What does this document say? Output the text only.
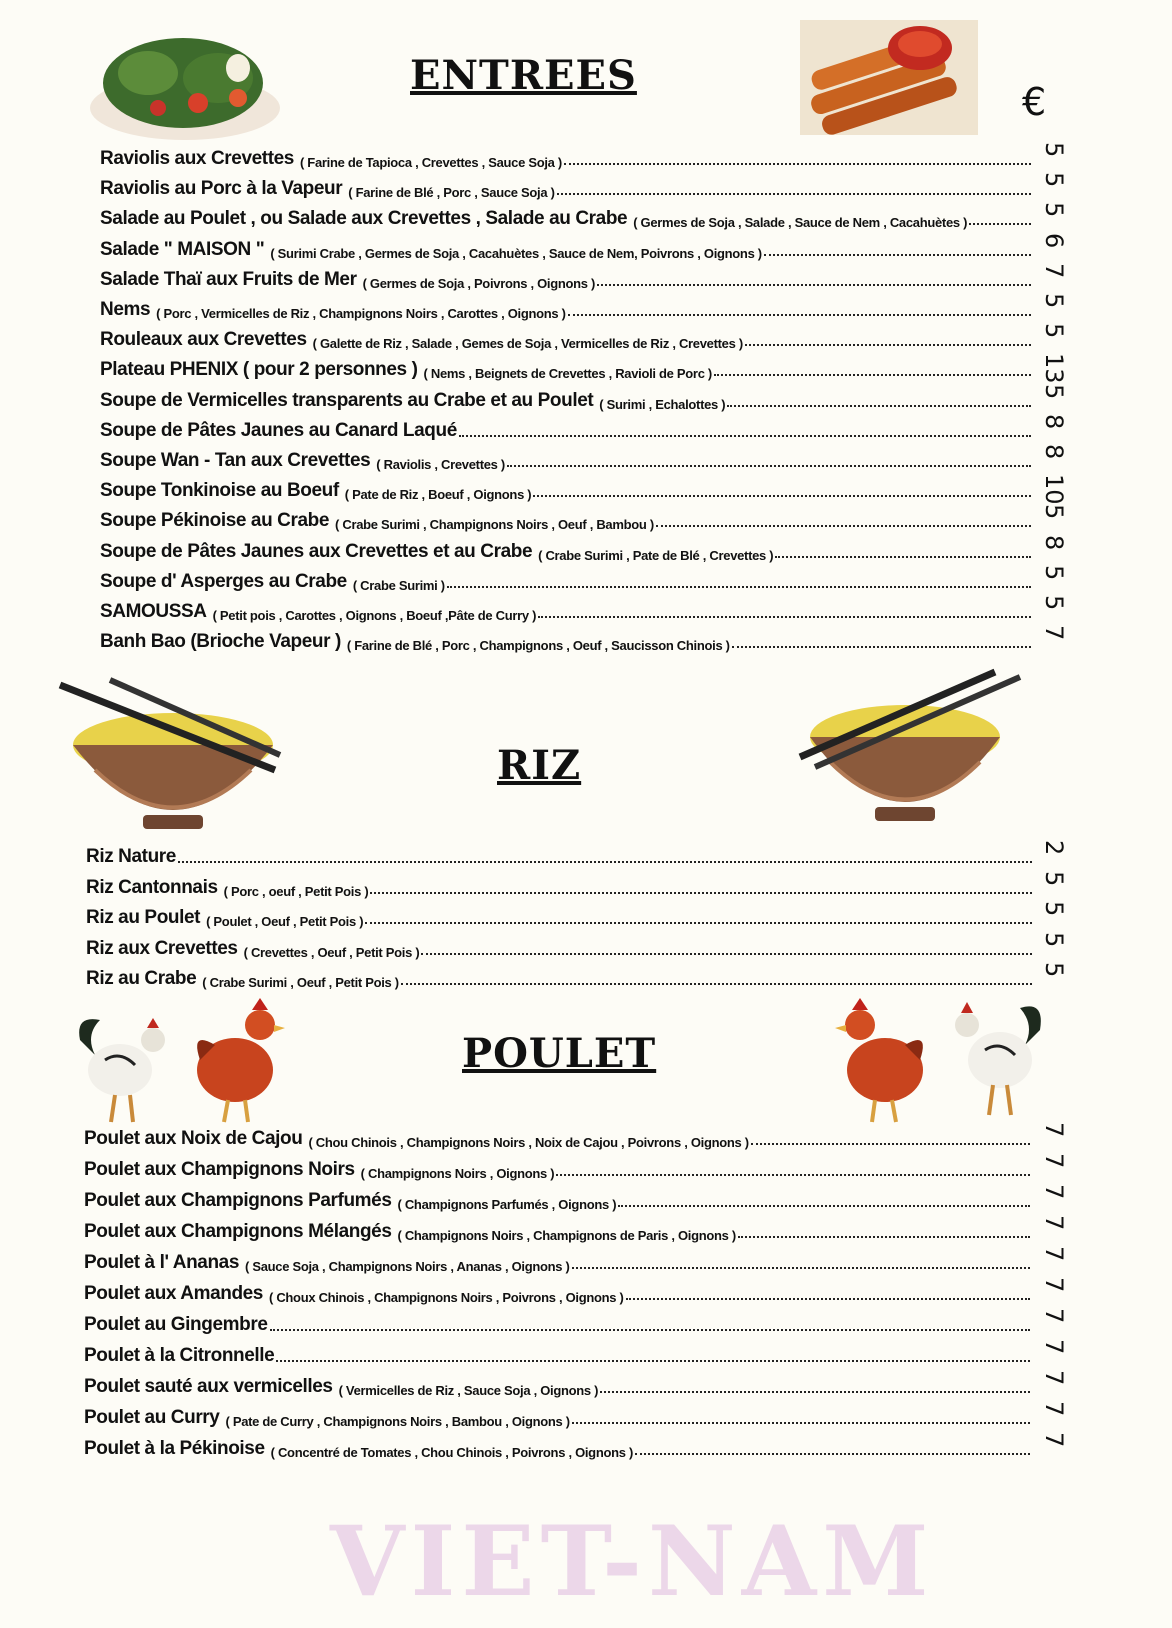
VIET-NAM
ENTREES
€
Raviolis aux Crevettes ( Farine de Tapioca , Crevettes , Sauce Soja )
Raviolis au Porc à la Vapeur ( Farine de Blé , Porc , Sauce Soja )
Salade au Poulet , ou Salade aux Crevettes , Salade au Crabe ( Germes de Soja , Salade , Sauce de Nem , Cacahuètes )
Salade " MAISON " ( Surimi Crabe , Germes de Soja , Cacahuètes , Sauce de Nem, Poivrons , Oignons )
Salade Thaï aux Fruits de Mer ( Germes de Soja , Poivrons , Oignons )
Nems ( Porc , Vermicelles de Riz , Champignons Noirs , Carottes , Oignons )
Rouleaux aux Crevettes ( Galette de Riz , Salade , Gemes de Soja , Vermicelles de Riz , Crevettes )
Plateau PHENIX ( pour 2 personnes ) ( Nems , Beignets de Crevettes , Ravioli de Porc )
Soupe de Vermicelles transparents au Crabe et au Poulet ( Surimi , Echalottes )
Soupe de Pâtes Jaunes au Canard Laqué
Soupe Wan - Tan aux Crevettes ( Raviolis , Crevettes )
Soupe Tonkinoise au Boeuf ( Pate de Riz , Boeuf , Oignons )
Soupe Pékinoise au Crabe ( Crabe Surimi , Champignons Noirs , Oeuf , Bambou )
Soupe de Pâtes Jaunes aux Crevettes et au Crabe ( Crabe Surimi , Pate de Blé , Crevettes )
Soupe d' Asperges au Crabe ( Crabe Surimi )
SAMOUSSA ( Petit pois , Carottes , Oignons , Boeuf ,Pâte de Curry )
Banh Bao (Brioche Vapeur ) ( Farine de Blé , Porc , Champignons , Oeuf , Saucisson Chinois )
RIZ
Riz Nature
Riz Cantonnais ( Porc , oeuf , Petit Pois )
Riz au Poulet ( Poulet , Oeuf , Petit Pois )
Riz aux Crevettes ( Crevettes , Oeuf , Petit Pois )
Riz au Crabe ( Crabe Surimi , Oeuf , Petit Pois )
POULET
Poulet aux Noix de Cajou ( Chou Chinois , Champignons Noirs , Noix de Cajou , Poivrons , Oignons )
Poulet aux Champignons Noirs ( Champignons Noirs , Oignons )
Poulet aux Champignons Parfumés ( Champignons Parfumés , Oignons )
Poulet aux Champignons Mélangés ( Champignons Noirs , Champignons de Paris , Oignons )
Poulet à l' Ananas ( Sauce Soja , Champignons Noirs , Ananas , Oignons )
Poulet aux Amandes ( Choux Chinois , Champignons Noirs , Poivrons , Oignons )
Poulet au Gingembre
Poulet à la Citronnelle
Poulet sauté aux vermicelles ( Vermicelles de Riz , Sauce Soja , Oignons )
Poulet au Curry ( Pate de Curry , Champignons Noirs , Bambou , Oignons )
Poulet à la Pékinoise ( Concentré de Tomates , Chou Chinois , Poivrons , Oignons )
5
5
5
6
7
5
5
13
5
8
8
10
5
8
5
5
7
2
5
5
5
5
7
7
7
7
7
7
7
7
7
7
7
